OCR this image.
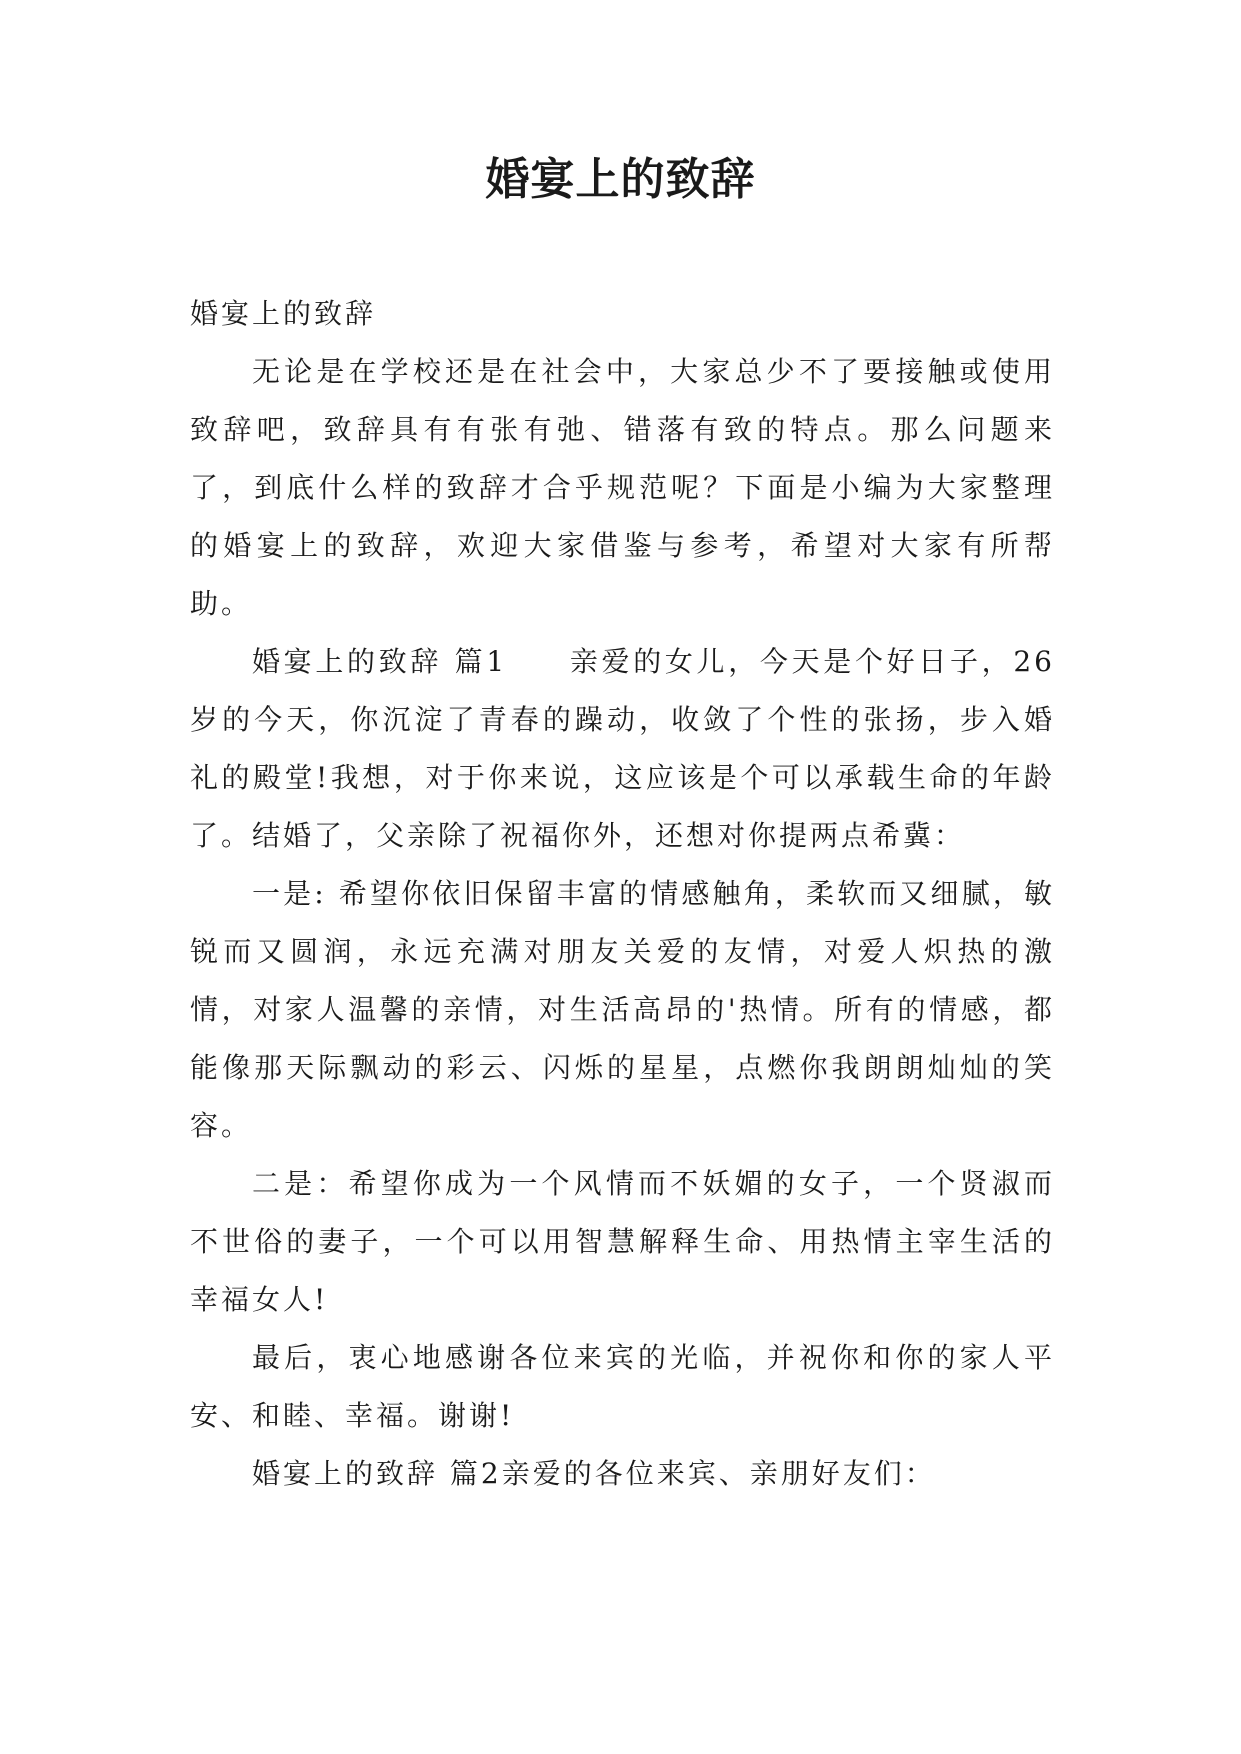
婚宴上的致辞

婚宴上的致辞

无论是在学校还是在社会中，大家总少不了要接触或使用致辞吧，致辞具有有张有弛、错落有致的特点。那么问题来了，到底什么样的致辞才合乎规范呢？下面是小编为大家整理的婚宴上的致辞，欢迎大家借鉴与参考，希望对大家有所帮助。

婚宴上的致辞 篇1 亲爱的女儿，今天是个好日子，26岁的今天，你沉淀了青春的躁动，收敛了个性的张扬，步入婚礼的殿堂!我想，对于你来说，这应该是个可以承载生命的年龄了。结婚了，父亲除了祝福你外，还想对你提两点希冀：

一是: 希望你依旧保留丰富的情感触角，柔软而又细腻，敏锐而又圆润，永远充满对朋友关爱的友情，对爱人炽热的激情，对家人温馨的亲情，对生活高昂的'热情。所有的情感，都能像那天际飘动的彩云、闪烁的星星，点燃你我朗朗灿灿的笑容。

二是：希望你成为一个风情而不妖媚的女子，一个贤淑而不世俗的妻子，一个可以用智慧解释生命、用热情主宰生活的幸福女人!

最后，衷心地感谢各位来宾的光临，并祝你和你的家人平安、和睦、幸福。谢谢!

婚宴上的致辞 篇2亲爱的各位来宾、亲朋好友们：
